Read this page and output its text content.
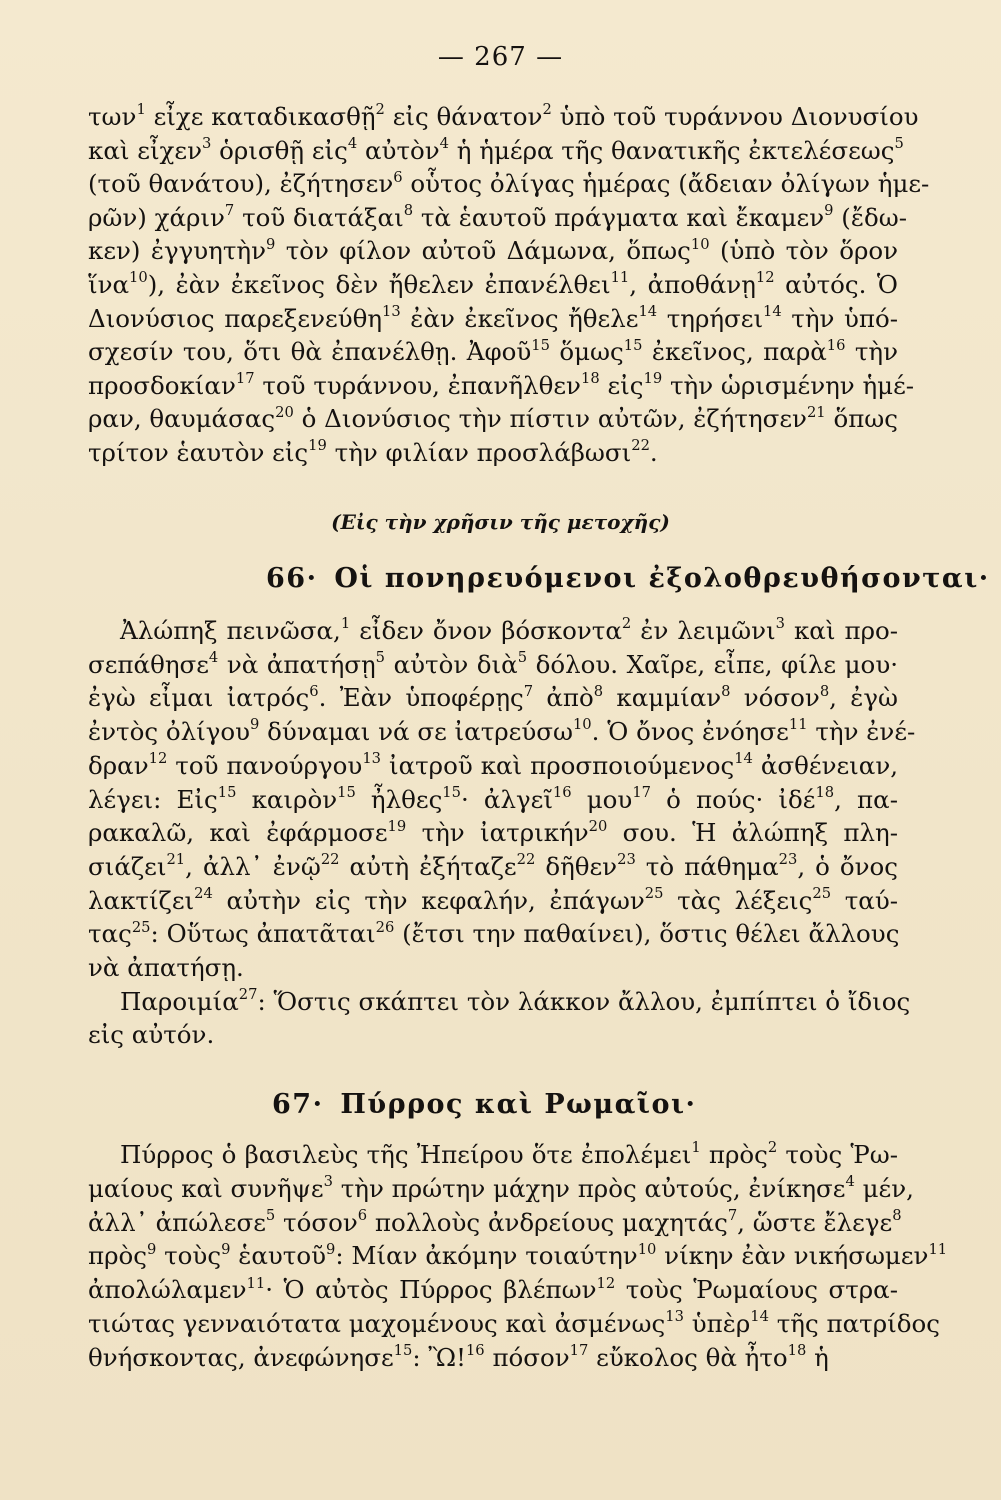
— 267 —
των$^1$ εἶχε καταδικασθῇ$^2$ εἰς θάνατον$^2$ ὑπὸ τοῦ τυράννου Διονυσίου
καὶ εἶχεν$^3$ ὁρισθῇ εἰς$^4$ αὐτὸν$^4$ ἡ ἡμέρα τῆς θανατικῆς ἐκτελέσεως$^5$
(τοῦ θανάτου), ἐζήτησεν$^6$ οὗτος ὀλίγας ἡμέρας (ἄδειαν ὀλίγων ἡμε-
ρῶν) χάριν$^7$ τοῦ διατάξαι$^8$ τὰ ἑαυτοῦ πράγματα καὶ ἔκαμεν$^9$ (ἔδω-
κεν) ἐγγυητὴν$^9$ τὸν φίλον αὐτοῦ Δάμωνα, ὅπως$^{10}$ (ὑπὸ τὸν ὅρον
ἵνα$^{10}$), ἐὰν ἐκεῖνος δὲν ἤθελεν ἐπανέλθει$^{11}$, ἀποθάνῃ$^{12}$ αὐτός. Ὁ
Διονύσιος παρεξενεύθη$^{13}$ ἐὰν ἐκεῖνος ἤθελε$^{14}$ τηρήσει$^{14}$ τὴν ὑπό-
σχεσίν του, ὅτι θὰ ἐπανέλθῃ. Ἀφοῦ$^{15}$ ὅμως$^{15}$ ἐκεῖνος, παρὰ$^{16}$ τὴν
προσδοκίαν$^{17}$ τοῦ τυράννου, ἐπανῆλθεν$^{18}$ εἰς$^{19}$ τὴν ὡρισμένην ἡμέ-
ραν, θαυμάσας$^{20}$ ὁ Διονύσιος τὴν πίστιν αὐτῶν, ἐζήτησεν$^{21}$ ὅπως
τρίτον ἑαυτὸν εἰς$^{19}$ τὴν φιλίαν προσλάβωσι$^{22}$.
(Εἰς τὴν χρῆσιν τῆς μετοχῆς)
66· Οἱ πονηρευόμενοι ἐξολοθρευθήσονται·
Ἀλώπηξ πεινῶσα,$^1$ εἶδεν ὄνον βόσκοντα$^2$ ἐν λειμῶνι$^3$ καὶ προ-
σεπάθησε$^4$ νὰ ἀπατήσῃ$^5$ αὐτὸν διὰ$^5$ δόλου. Χαῖρε, εἶπε, φίλε μου·
ἐγὼ εἶμαι ἰατρός$^6$. Ἐὰν ὑποφέρῃς$^7$ ἀπὸ$^8$ καμμίαν$^8$ νόσον$^8$, ἐγὼ
ἐντὸς ὀλίγου$^9$ δύναμαι νά σε ἰατρεύσω$^{10}$. Ὁ ὄνος ἐνόησε$^{11}$ τὴν ἐνέ-
δραν$^{12}$ τοῦ πανούργου$^{13}$ ἰατροῦ καὶ προσποιούμενος$^{14}$ ἀσθένειαν,
λέγει: Εἰς$^{15}$ καιρὸν$^{15}$ ἦλθες$^{15}$· ἀλγεῖ$^{16}$ μου$^{17}$ ὁ πούς· ἰδέ$^{18}$, πα-
ρακαλῶ, καὶ ἐφάρμοσε$^{19}$ τὴν ἰατρικήν$^{20}$ σου. Ἡ ἀλώπηξ πλη-
σιάζει$^{21}$, ἀλλ᾽ ἐνῷ$^{22}$ αὐτὴ ἐξήταζε$^{22}$ δῆθεν$^{23}$ τὸ πάθημα$^{23}$, ὁ ὄνος
λακτίζει$^{24}$ αὐτὴν εἰς τὴν κεφαλήν, ἐπάγων$^{25}$ τὰς λέξεις$^{25}$ ταύ-
τας$^{25}$: Οὕτως ἀπατᾶται$^{26}$ (ἔτσι την παθαίνει), ὅστις θέλει ἄλλους
νὰ ἀπατήσῃ.
Παροιμία$^{27}$: Ὅστις σκάπτει τὸν λάκκον ἄλλου, ἐμπίπτει ὁ ἴδιος
εἰς αὐτόν.
67· Πύρρος καὶ Ρωμαῖοι·
Πύρρος ὁ βασιλεὺς τῆς Ἠπείρου ὅτε ἐπολέμει$^1$ πρὸς$^2$ τοὺς Ῥω-
μαίους καὶ συνῆψε$^3$ τὴν πρώτην μάχην πρὸς αὐτούς, ἐνίκησε$^4$ μέν,
ἀλλ᾽ ἀπώλεσε$^5$ τόσον$^6$ πολλοὺς ἀνδρείους μαχητάς$^7$, ὥστε ἔλεγε$^8$
πρὸς$^9$ τοὺς$^9$ ἑαυτοῦ$^9$: Μίαν ἀκόμην τοιαύτην$^{10}$ νίκην ἐὰν νικήσωμεν$^{11}$
ἀπολώλαμεν$^{11}$· Ὁ αὐτὸς Πύρρος βλέπων$^{12}$ τοὺς Ῥωμαίους στρα-
τιώτας γενναιότατα μαχομένους καὶ ἀσμένως$^{13}$ ὑπὲρ$^{14}$ τῆς πατρίδος
θνήσκοντας, ἀνεφώνησε$^{15}$: Ὢ!$^{16}$ πόσον$^{17}$ εὔκολος θὰ ἦτο$^{18}$ ἡ
